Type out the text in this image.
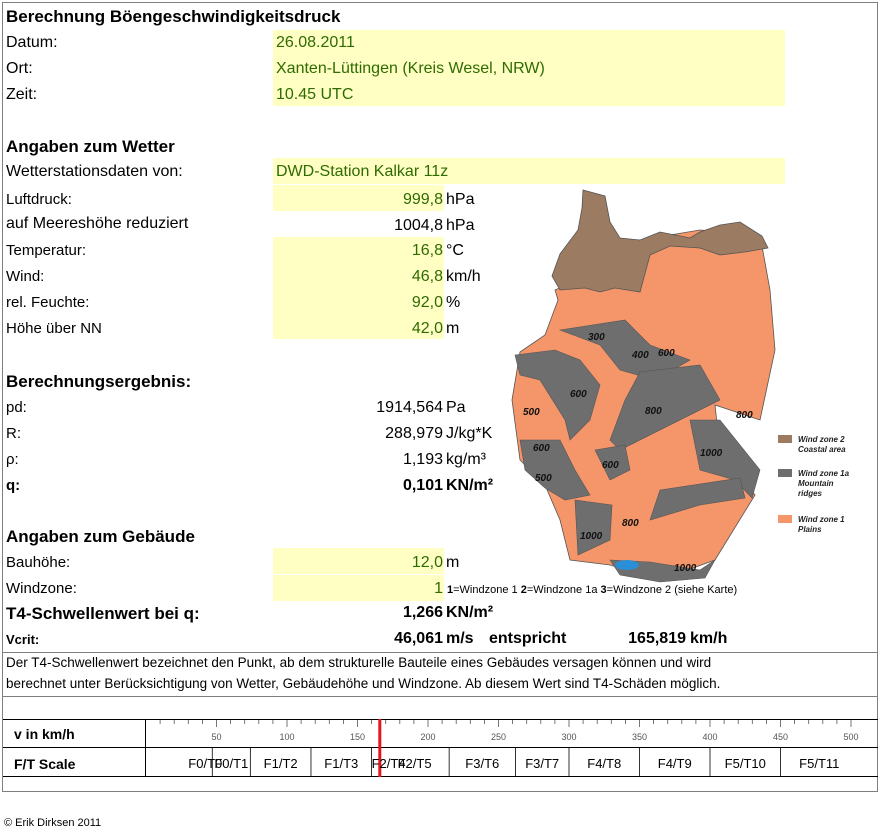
Berechnung Böengeschwindigkeitsdruck
Datum:	26.08.2011
Ort:	Xanten-Lüttingen (Kreis Wesel, NRW)
Zeit:	10.45 UTC
Angaben zum Wetter
Wetterstationsdaten von:	DWD-Station Kalkar 11z
Luftdruck:	999,8 hPa
auf Meereshöhe reduziert	1004,8 hPa
Temperatur:	16,8 °C
Wind:	46,8 km/h
rel. Feuchte:	92,0 %
Höhe über NN	42,0 m
Berechnungsergebnis:
pd:	1914,564 Pa
R:	288,979 J/kg*K
ρ:	1,193 kg/m³
q:	0,101 KN/m²
Angaben zum Gebäude
Bauhöhe:	12,0 m
Windzone:	1 1=Windzone 1 2=Windzone 1a 3=Windzone 2 (siehe Karte)
T4-Schwellenwert bei q:	1,266 KN/m²
Vcrit:	46,061 m/s entspricht	165,819 km/h
Der T4-Schwellenwert bezeichnet den Punkt, ab dem strukturelle Bauteile eines Gebäudes versagen können und wird
berechnet unter Berücksichtigung von Wetter, Gebäudehöhe und Windzone. Ab diesem Wert sind T4-Schäden möglich.
300
400 600
600
500	800	800
600	1000
500
600
1000
800
1000
Wind zone 2
Coastal area
Wind zone 1a
Mountain
ridges
Wind zone 1
Plains
v in km/h
F/T Scale
50	100	150	200	250	300	350	400	450	500
F0/T0
F0/T1	F1/T2	F1/T3	F2/T4
F2/T5	F3/T6	F3/T7	F4/T8	F4/T9	F5/T10	F5/T11
© Erik Dirksen 2011
